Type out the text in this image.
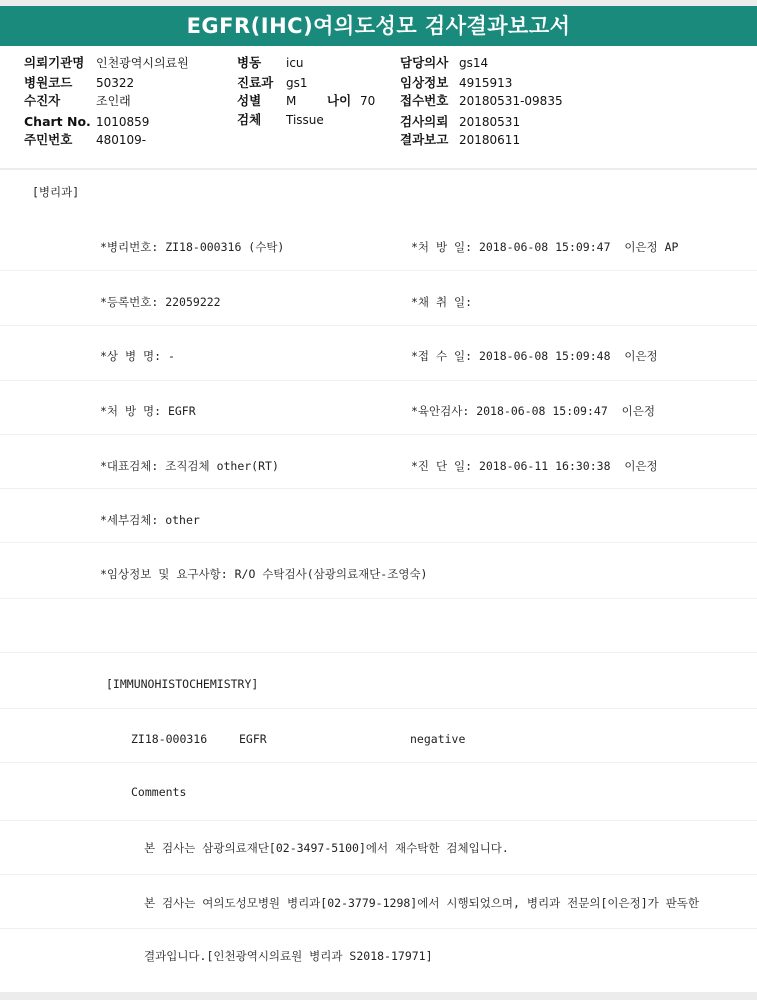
EGFR(IHC)여의도성모 검사결과보고서
의뢰기관명 인천광역시의료원
병원코드 50322
수진자	조인래
Chart No. 1010859
주민번호 480109-
병동 icu
진료과 gs1
성별 M 나이 70
검체 Tissue
담당의사 gs14
임상정보 4915913
접수번호 20180531-09835
검사의뢰 20180531
결과보고 20180611
[병리과]
*병리번호: ZI18-000316 (수탁)	*처 방 일: 2018-06-08 15:09:47  이은정 AP
*등록번호: 22059222	*채 취 일:
*상 병 명: -	*접 수 일: 2018-06-08 15:09:48  이은정
*처 방 명: EGFR	*육안검사: 2018-06-08 15:09:47  이은정
*대표검체: 조직검체 other(RT)	*진 단 일: 2018-06-11 16:30:38  이은정
*세부검체: other
*임상정보 및 요구사항: R/O 수탁검사(삼광의료재단-조영숙)
[IMMUNOHISTOCHEMISTRY]
ZI18-000316	EGFR	negative
Comments
본 검사는 삼광의료재단[02-3497-5100]에서 재수탁한 검체입니다.
본 검사는 여의도성모병원 병리과[02-3779-1298]에서 시행되었으며, 병리과 전문의[이은정]가 판독한
결과입니다.[인천광역시의료원 병리과 S2018-17971]
